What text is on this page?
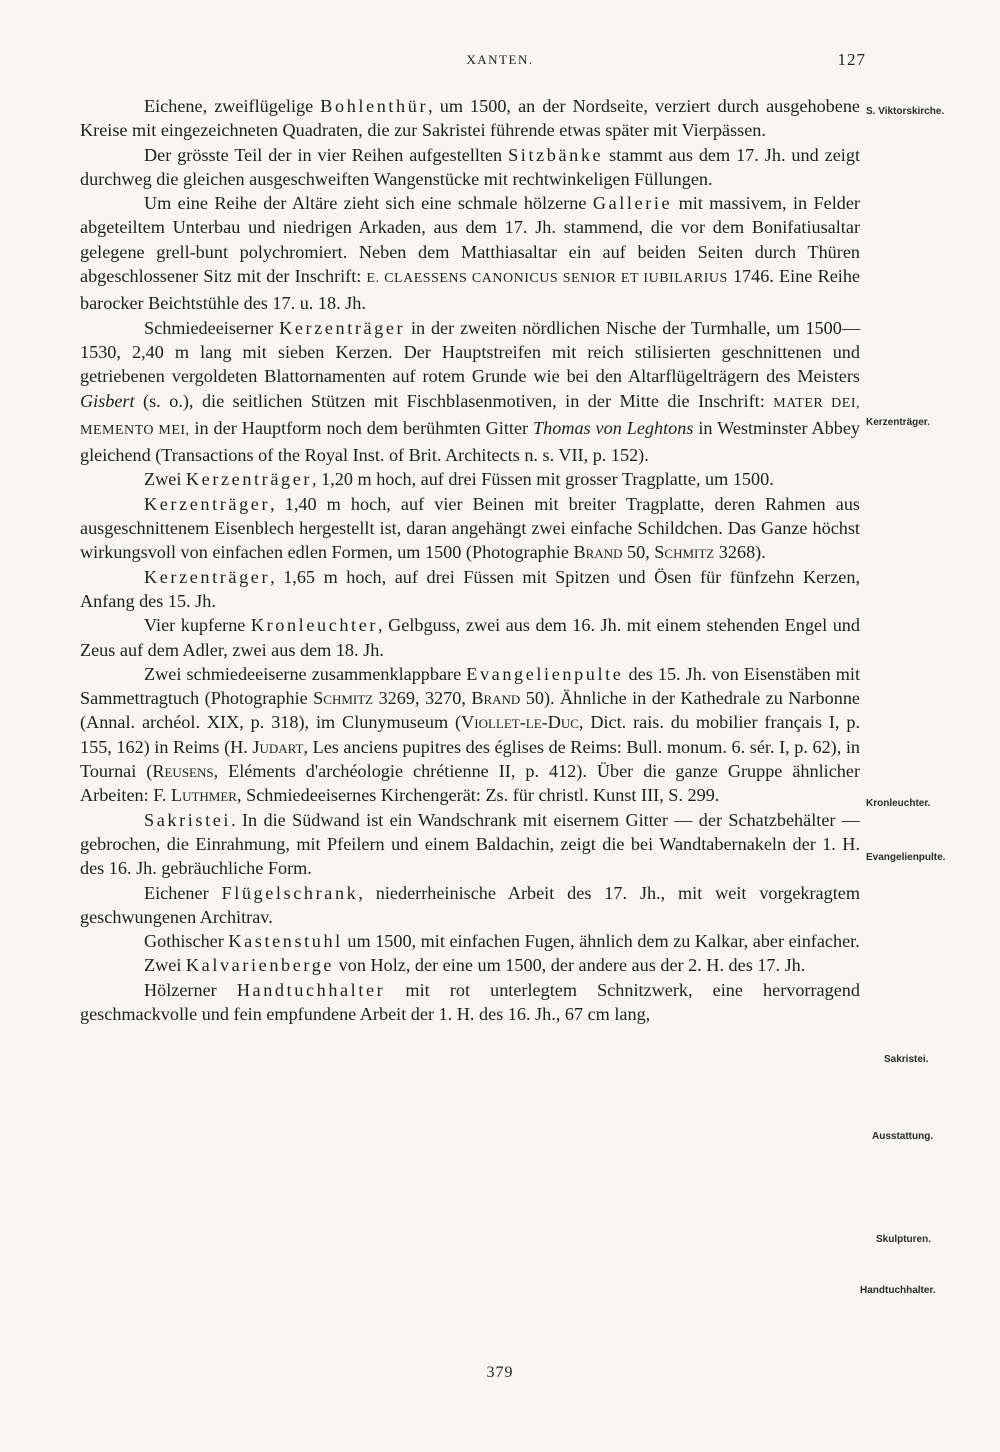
XANTEN.	127

Eichene, zweiflügelige Bohlenthür, um 1500, an der Nordseite, verziert durch ausgehobene Kreise mit eingezeichneten Quadraten, die zur Sakristei führende etwas später mit Vierpässen.

Der grösste Teil der in vier Reihen aufgestellten Sitzbänke stammt aus dem 17. Jh. und zeigt durchweg die gleichen ausgeschweiften Wangenstücke mit rechtwinkeligen Füllungen.

Um eine Reihe der Altäre zieht sich eine schmale hölzerne Gallerie mit massivem, in Felder abgeteiltem Unterbau und niedrigen Arkaden, aus dem 17. Jh. stammend, die vor dem Bonifatiusaltar gelegene grell-bunt polychromiert. Neben dem Matthiasaltar ein auf beiden Seiten durch Thüren abgeschlossener Sitz mit der Inschrift: E. CLAESSENS CANONICUS SENIOR ET IUBILARIUS 1746. Eine Reihe barocker Beichtstühle des 17. u. 18. Jh.

Schmiedeeiserner Kerzenträger in der zweiten nördlichen Nische der Turmhalle, um 1500—1530, 2,40 m lang mit sieben Kerzen. Der Hauptstreifen mit reich stilisierten geschnittenen und getriebenen vergoldeten Blattornamenten auf rotem Grunde wie bei den Altarflügelträgern des Meisters Gisbert (s. o.), die seitlichen Stützen mit Fischblasenmotiven, in der Mitte die Inschrift: MATER DEI, MEMENTO MEI, in der Hauptform noch dem berühmten Gitter Thomas von Leghtons in Westminster Abbey gleichend (Transactions of the Royal Inst. of Brit. Architects n. s. VII, p. 152).

Zwei Kerzenträger, 1,20 m hoch, auf drei Füssen mit grosser Tragplatte, um 1500.

Kerzenträger, 1,40 m hoch, auf vier Beinen mit breiter Tragplatte, deren Rahmen aus ausgeschnittenem Eisenblech hergestellt ist, daran angehängt zwei einfache Schildchen. Das Ganze höchst wirkungsvoll von einfachen edlen Formen, um 1500 (Photographie Brand 50, Schmitz 3268).

Kerzenträger, 1,65 m hoch, auf drei Füssen mit Spitzen und Ösen für fünfzehn Kerzen, Anfang des 15. Jh.

Vier kupferne Kronleuchter, Gelbguss, zwei aus dem 16. Jh. mit einem stehenden Engel und Zeus auf dem Adler, zwei aus dem 18. Jh.

Zwei schmiedeeiserne zusammenklappbare Evangelienpulte des 15. Jh. von Eisenstäben mit Sammettragtuch (Photographie Schmitz 3269, 3270, Brand 50). Ähnliche in der Kathedrale zu Narbonne (Annal. archéol. XIX, p. 318), im Clunymuseum (Viollet-le-Duc, Dict. rais. du mobilier français I, p. 155, 162) in Reims (H. Judart, Les anciens pupitres des églises de Reims: Bull. monum. 6. sér. I, p. 62), in Tournai (Reusens, Eléments d'archéologie chrétienne II, p. 412). Über die ganze Gruppe ähnlicher Arbeiten: F. Luthmer, Schmiedeeisernes Kirchengerät: Zs. für christl. Kunst III, S. 299.

Sakristei. In die Südwand ist ein Wandschrank mit eisernem Gitter — der Schatzbehälter — gebrochen, die Einrahmung, mit Pfeilern und einem Baldachin, zeigt die bei Wandtabernakeln der 1. H. des 16. Jh. gebräuchliche Form.

Eichener Flügelschrank, niederrheinische Arbeit des 17. Jh., mit weit vorgekragtem geschwungenen Architrav.

Gothischer Kastenstuhl um 1500, mit einfachen Fugen, ähnlich dem zu Kalkar, aber einfacher.

Zwei Kalvarienberge von Holz, der eine um 1500, der andere aus der 2. H. des 17. Jh.

Hölzerner Handtuchhalter mit rot unterlegtem Schnitzwerk, eine hervorragend geschmackvolle und fein empfundene Arbeit der 1. H. des 16. Jh., 67 cm lang,

S. Viktorskirche.
Kerzenträger.
Kronleuchter.
Evangelienpulte.
Sakristei.
Ausstattung.
Skulpturen.
Handtuchhalter.
379
